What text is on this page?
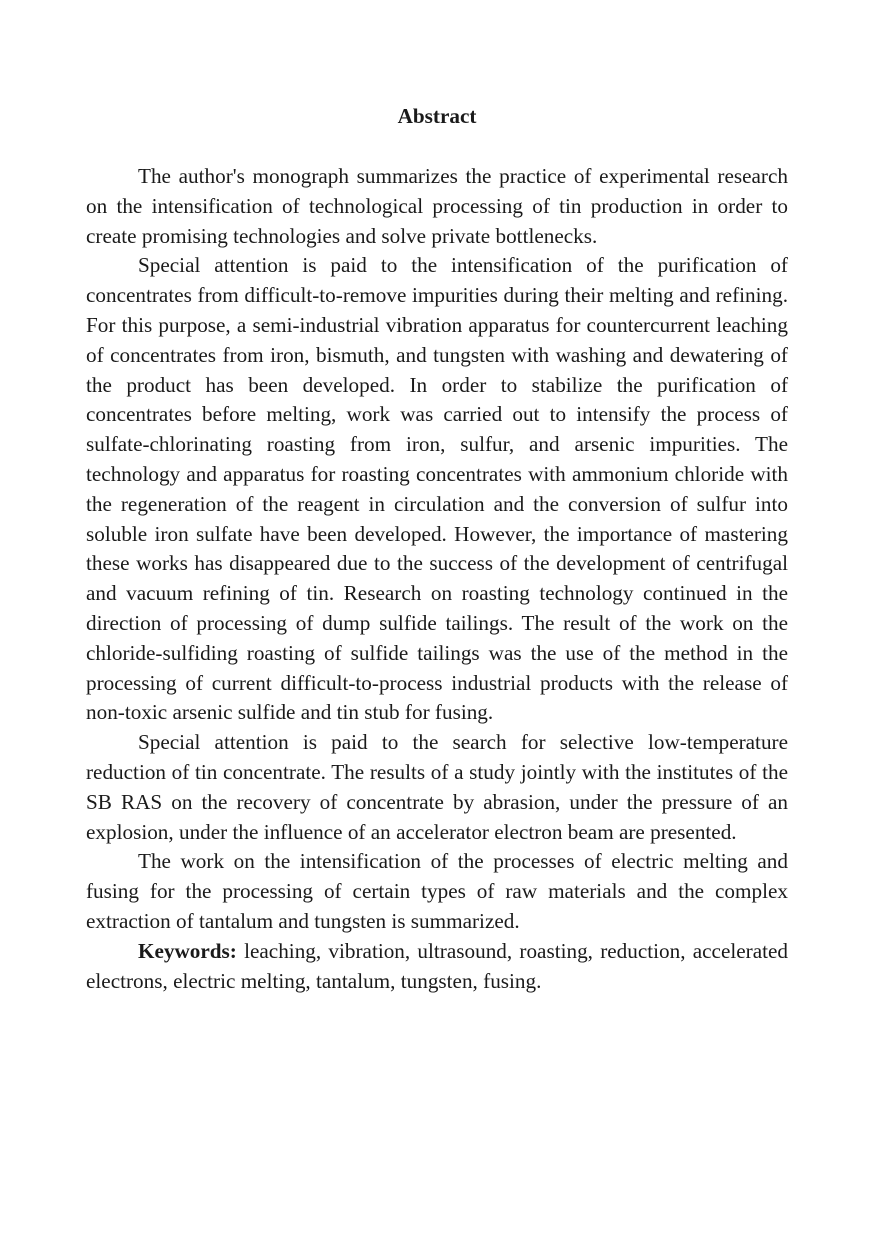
Abstract

The author's monograph summarizes the practice of experimental research on the intensification of technological processing of tin production in order to create promising technologies and solve private bottlenecks.

Special attention is paid to the intensification of the purification of concentrates from difficult-to-remove impurities during their melting and refining. For this purpose, a semi-industrial vibration apparatus for countercurrent leaching of concentrates from iron, bismuth, and tungsten with washing and dewatering of the product has been developed. In order to stabilize the purification of concentrates before melting, work was carried out to intensify the process of sulfate-chlorinating roasting from iron, sulfur, and arsenic impurities. The technology and apparatus for roasting concentrates with ammonium chloride with the regeneration of the reagent in circulation and the conversion of sulfur into soluble iron sulfate have been developed. However, the importance of mastering these works has disappeared due to the success of the development of centrifugal and vacuum refining of tin. Research on roasting technology continued in the direction of processing of dump sulfide tailings. The result of the work on the chloride-sulfiding roasting of sulfide tailings was the use of the method in the processing of current difficult-to-process industrial products with the release of non-toxic arsenic sulfide and tin stub for fusing.

Special attention is paid to the search for selective low-temperature reduction of tin concentrate. The results of a study jointly with the institutes of the SB RAS on the recovery of concentrate by abrasion, under the pressure of an explosion, under the influence of an accelerator electron beam are presented.

The work on the intensification of the processes of electric melting and fusing for the processing of certain types of raw materials and the complex extraction of tantalum and tungsten is summarized.

Keywords: leaching, vibration, ultrasound, roasting, reduction, accelerated electrons, electric melting, tantalum, tungsten, fusing.
